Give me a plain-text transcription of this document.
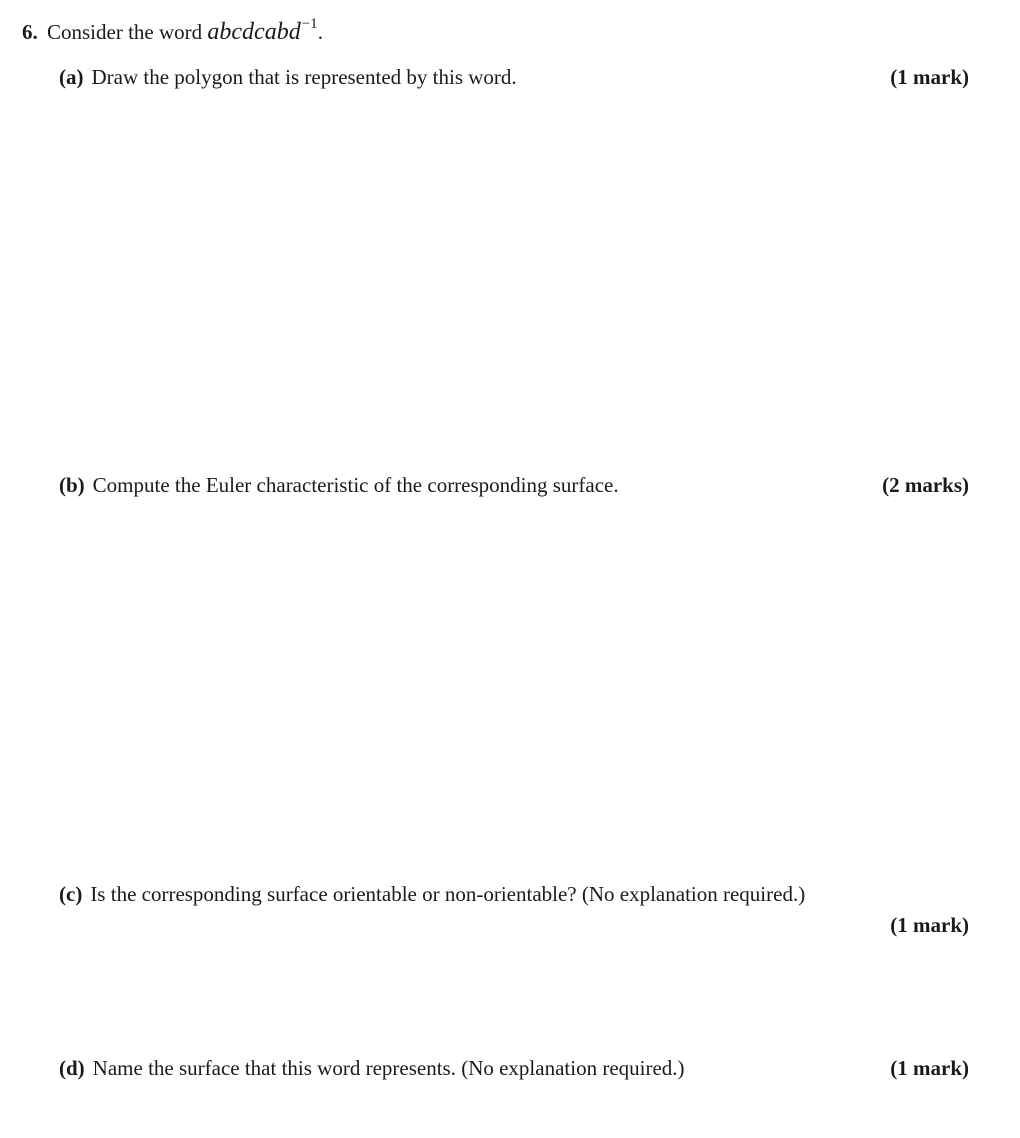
6. Consider the word abcdcabd$^{-1}$.
(a) Draw the polygon that is represented by this word.	(1 mark)
(b) Compute the Euler characteristic of the corresponding surface.	(2 marks)
(c) Is the corresponding surface orientable or non-orientable? (No explanation required.)
(1 mark)
(d) Name the surface that this word represents. (No explanation required.)	(1 mark)
